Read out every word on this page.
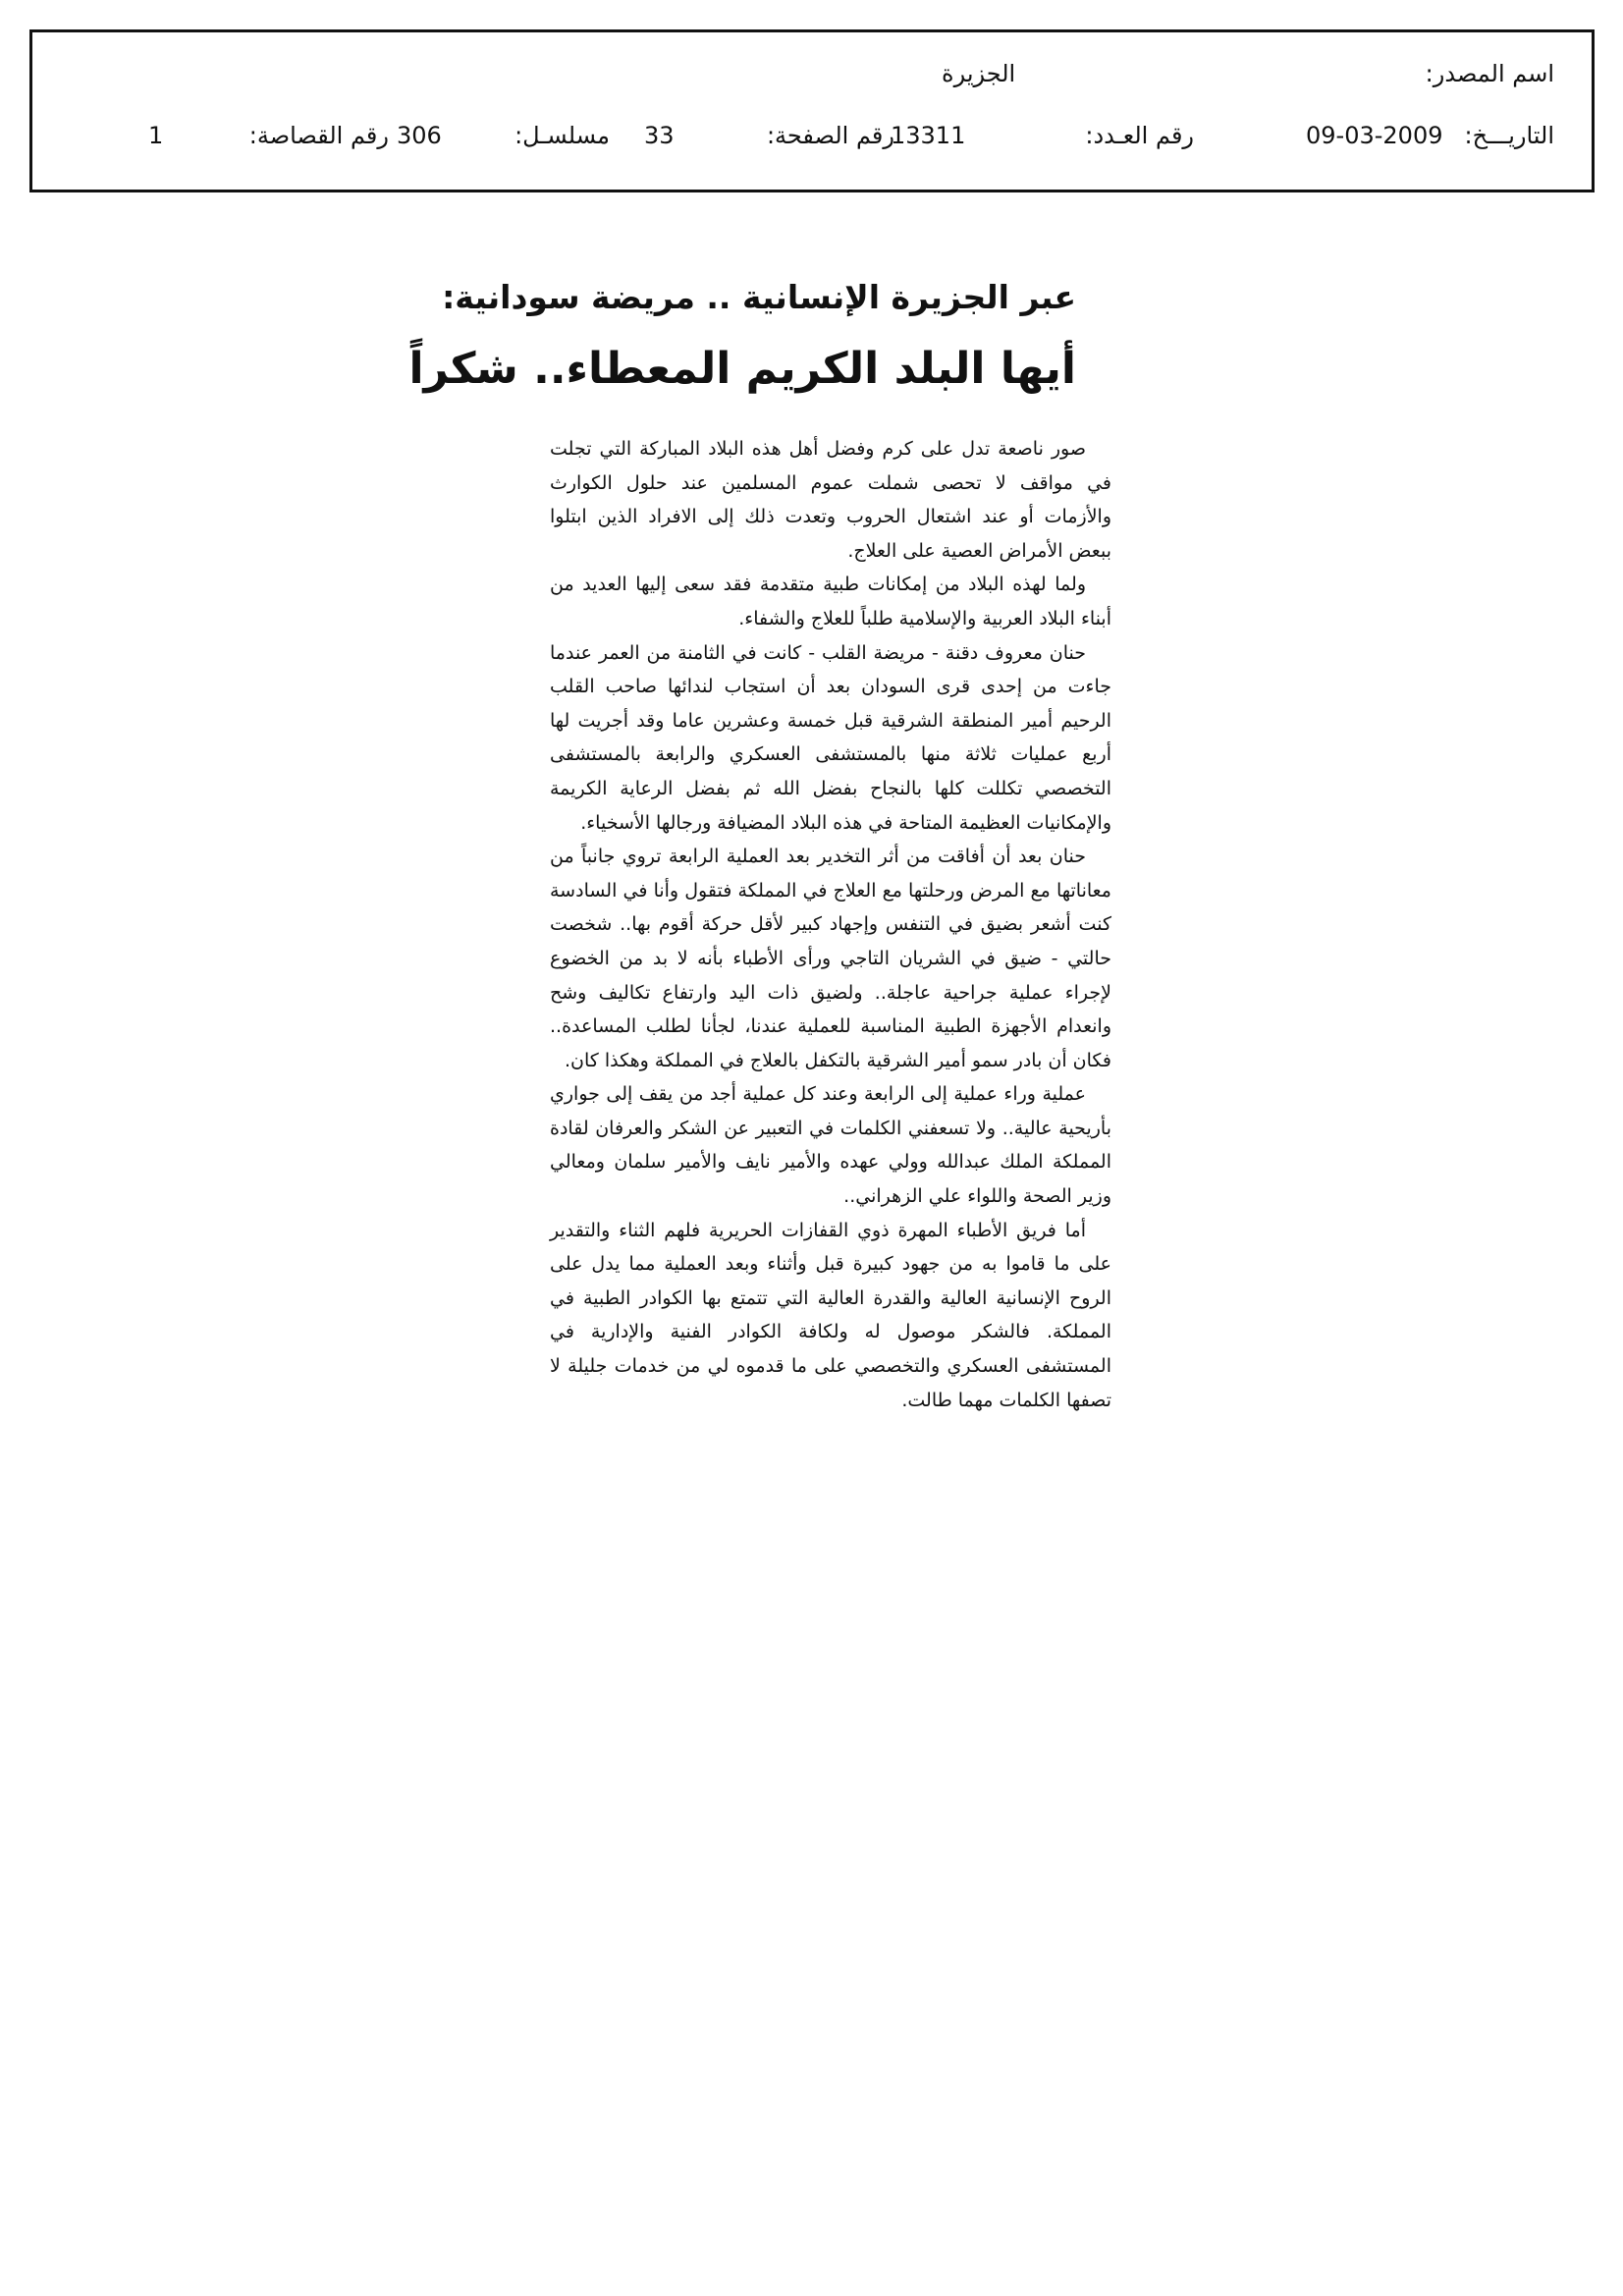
اسم المصدر:
الجزيرة
التاريـــخ:
09-03-2009
رقم العـدد:
13311
رقم الصفحة:
33
مسلسـل:
306
رقم القصاصة:
1
عبر الجزيرة الإنسانية .. مريضة سودانية:
أيها البلد الكريم المعطاء.. شكراً

صور ناصعة تدل على كرم وفضل أهل هذه البلاد المباركة التي تجلت في مواقف لا تحصى شملت عموم المسلمين عند حلول الكوارث والأزمات أو عند اشتعال الحروب وتعدت ذلك إلى الافراد الذين ابتلوا ببعض الأمراض العصية على العلاج.

ولما لهذه البلاد من إمكانات طبية متقدمة فقد سعى إليها العديد من أبناء البلاد العربية والإسلامية طلباً للعلاج والشفاء.

حنان معروف دقنة - مريضة القلب - كانت في الثامنة من العمر عندما جاءت من إحدى قرى السودان بعد أن استجاب لندائها صاحب القلب الرحيم أمير المنطقة الشرقية قبل خمسة وعشرين عاما وقد أجريت لها أربع عمليات ثلاثة منها بالمستشفى العسكري والرابعة بالمستشفى التخصصي تكللت كلها بالنجاح بفضل الله ثم بفضل الرعاية الكريمة والإمكانيات العظيمة المتاحة في هذه البلاد المضيافة ورجالها الأسخياء.

حنان بعد أن أفاقت من أثر التخدير بعد العملية الرابعة تروي جانباً من معاناتها مع المرض ورحلتها مع العلاج في المملكة فتقول وأنا في السادسة كنت أشعر بضيق في التنفس وإجهاد كبير لأقل حركة أقوم بها.. شخصت حالتي - ضيق في الشريان التاجي ورأى الأطباء بأنه لا بد من الخضوع لإجراء عملية جراحية عاجلة.. ولضيق ذات اليد وارتفاع تكاليف وشح وانعدام الأجهزة الطبية المناسبة للعملية عندنا، لجأنا لطلب المساعدة.. فكان أن بادر سمو أمير الشرقية بالتكفل بالعلاج في المملكة وهكذا كان.

عملية وراء عملية إلى الرابعة وعند كل عملية أجد من يقف إلى جواري بأريحية عالية.. ولا تسعفني الكلمات في التعبير عن الشكر والعرفان لقادة المملكة الملك عبدالله وولي عهده والأمير نايف والأمير سلمان ومعالي وزير الصحة واللواء علي الزهراني..

أما فريق الأطباء المهرة ذوي القفازات الحريرية فلهم الثناء والتقدير على ما قاموا به من جهود كبيرة قبل وأثناء وبعد العملية مما يدل على الروح الإنسانية العالية والقدرة العالية التي تتمتع بها الكوادر الطبية في المملكة. فالشكر موصول له ولكافة الكوادر الفنية والإدارية في المستشفى العسكري والتخصصي على ما قدموه لي من خدمات جليلة لا تصفها الكلمات مهما طالت.
